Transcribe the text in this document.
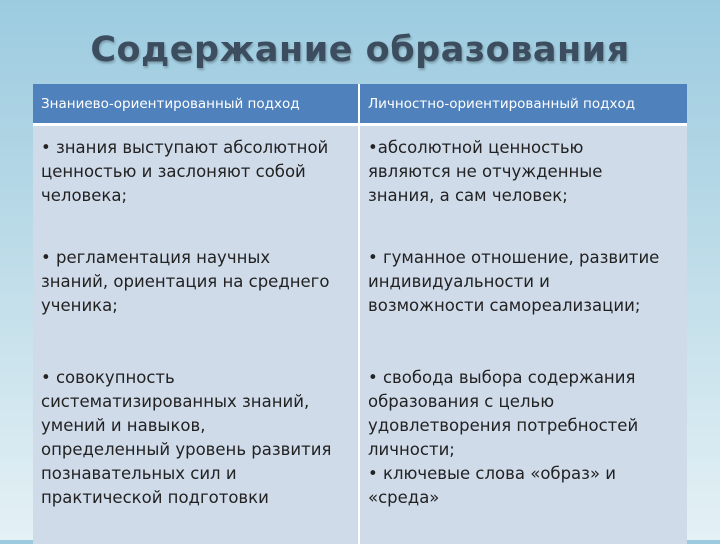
Содержание образования
Знаниево-ориентированный подход	Личностно-ориентированный подход
• знания выступают абсолютной
ценностью и заслоняют собой
человека;
• регламентация научных
знаний, ориентация на среднего
ученика;
• совокупность
систематизированных знаний,
умений и навыков,
определенный уровень развития
познавательных сил и
практической подготовки
•абсолютной ценностью
являются не отчужденные
знания, а сам человек;
• гуманное отношение, развитие
индивидуальности и
возможности самореализации;
• свобода выбора содержания
образования с целью
удовлетворения потребностей
личности;
• ключевые слова «образ» и
«среда»
